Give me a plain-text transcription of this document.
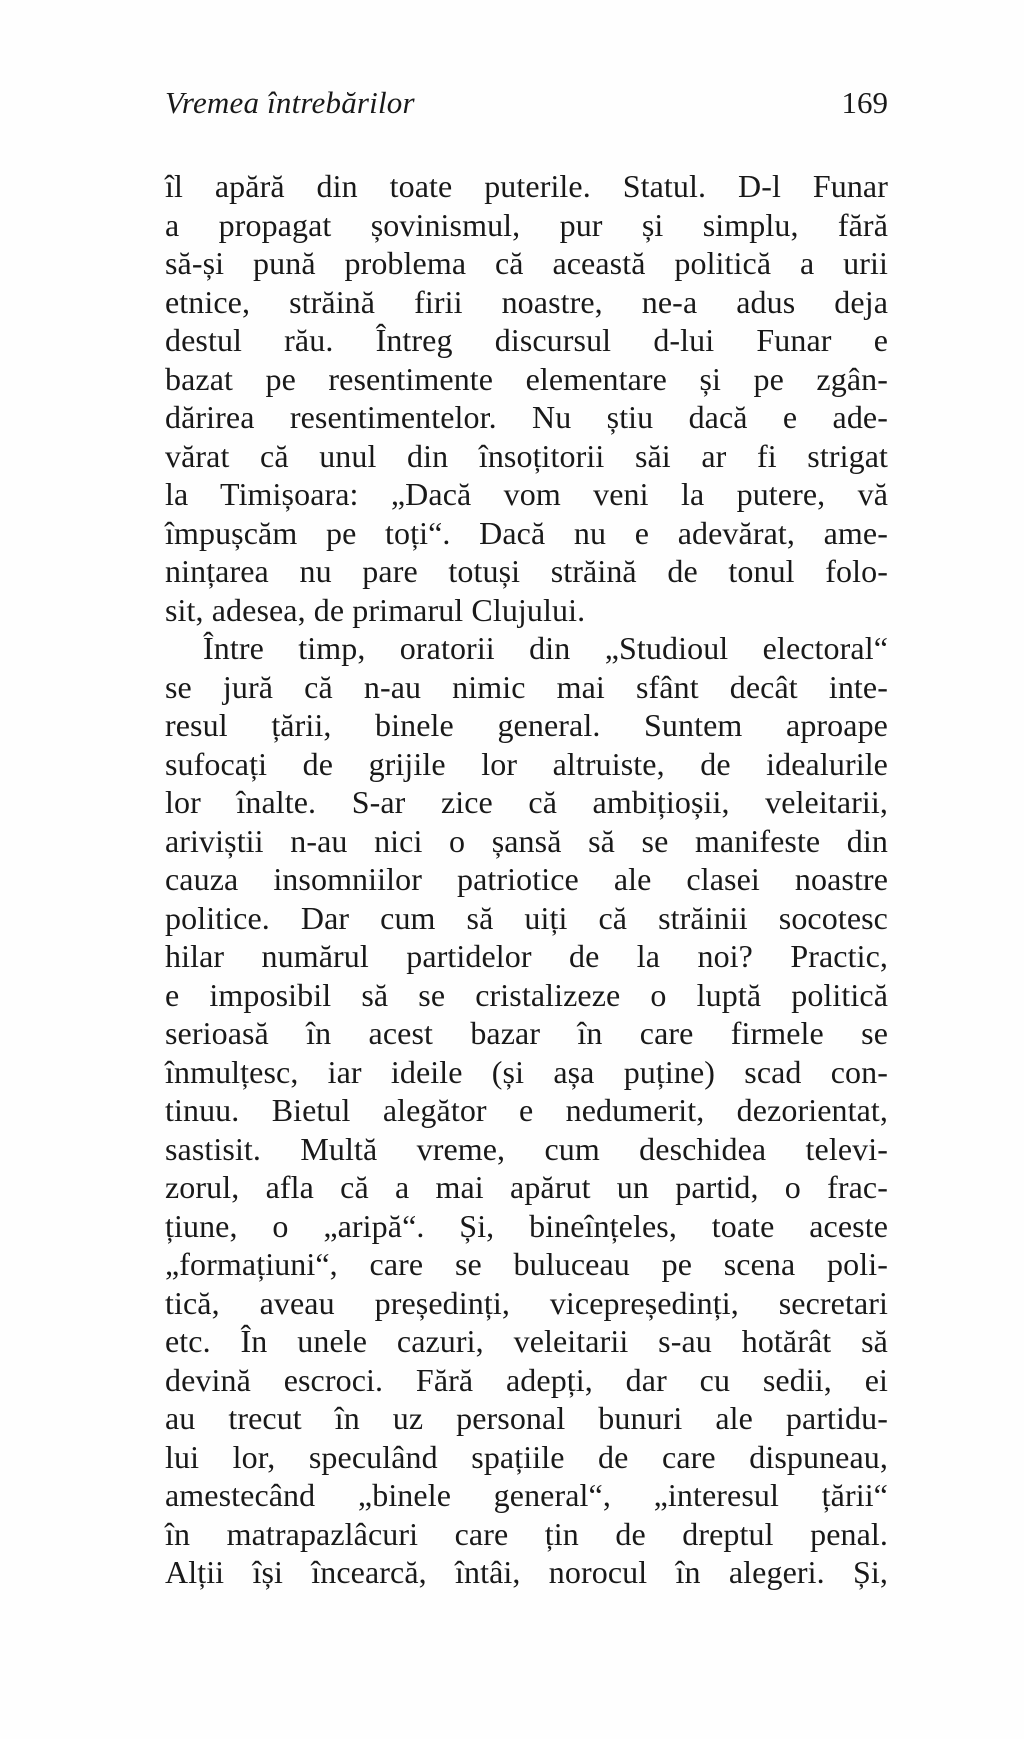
Vremea întrebărilor	169
îl apără din toate puterile. Statul. D-l Funar
a propagat șovinismul, pur și simplu, fără
să-și pună problema că această politică a urii
etnice, străină firii noastre, ne-a adus deja
destul rău. Întreg discursul d-lui Funar e
bazat pe resentimente elementare și pe zgân-
dărirea resentimentelor. Nu știu dacă e ade-
vărat că unul din însoțitorii săi ar fi strigat
la Timișoara: „Dacă vom veni la putere, vă
împușcăm pe toți“. Dacă nu e adevărat, ame-
nințarea nu pare totuși străină de tonul folo-
sit, adesea, de primarul Clujului.
Între timp, oratorii din „Studioul electoral“
se jură că n-au nimic mai sfânt decât inte-
resul țării, binele general. Suntem aproape
sufocați de grijile lor altruiste, de idealurile
lor înalte. S-ar zice că ambițioșii, veleitarii,
ariviștii n-au nici o șansă să se manifeste din
cauza insomniilor patriotice ale clasei noastre
politice. Dar cum să uiți că străinii socotesc
hilar numărul partidelor de la noi? Practic,
e imposibil să se cristalizeze o luptă politică
serioasă în acest bazar în care firmele se
înmulțesc, iar ideile (și așa puține) scad con-
tinuu. Bietul alegător e nedumerit, dezorientat,
sastisit. Multă vreme, cum deschidea televi-
zorul, afla că a mai apărut un partid, o frac-
țiune, o „aripă“. Și, bineînțeles, toate aceste
„formațiuni“, care se buluceau pe scena poli-
tică, aveau președinți, vicepreședinți, secretari
etc. În unele cazuri, veleitarii s-au hotărât să
devină escroci. Fără adepți, dar cu sedii, ei
au trecut în uz personal bunuri ale partidu-
lui lor, speculând spațiile de care dispuneau,
amestecând „binele general“, „interesul țării“
în matrapazlâcuri care țin de dreptul penal.
Alții își încearcă, întâi, norocul în alegeri. Și,
